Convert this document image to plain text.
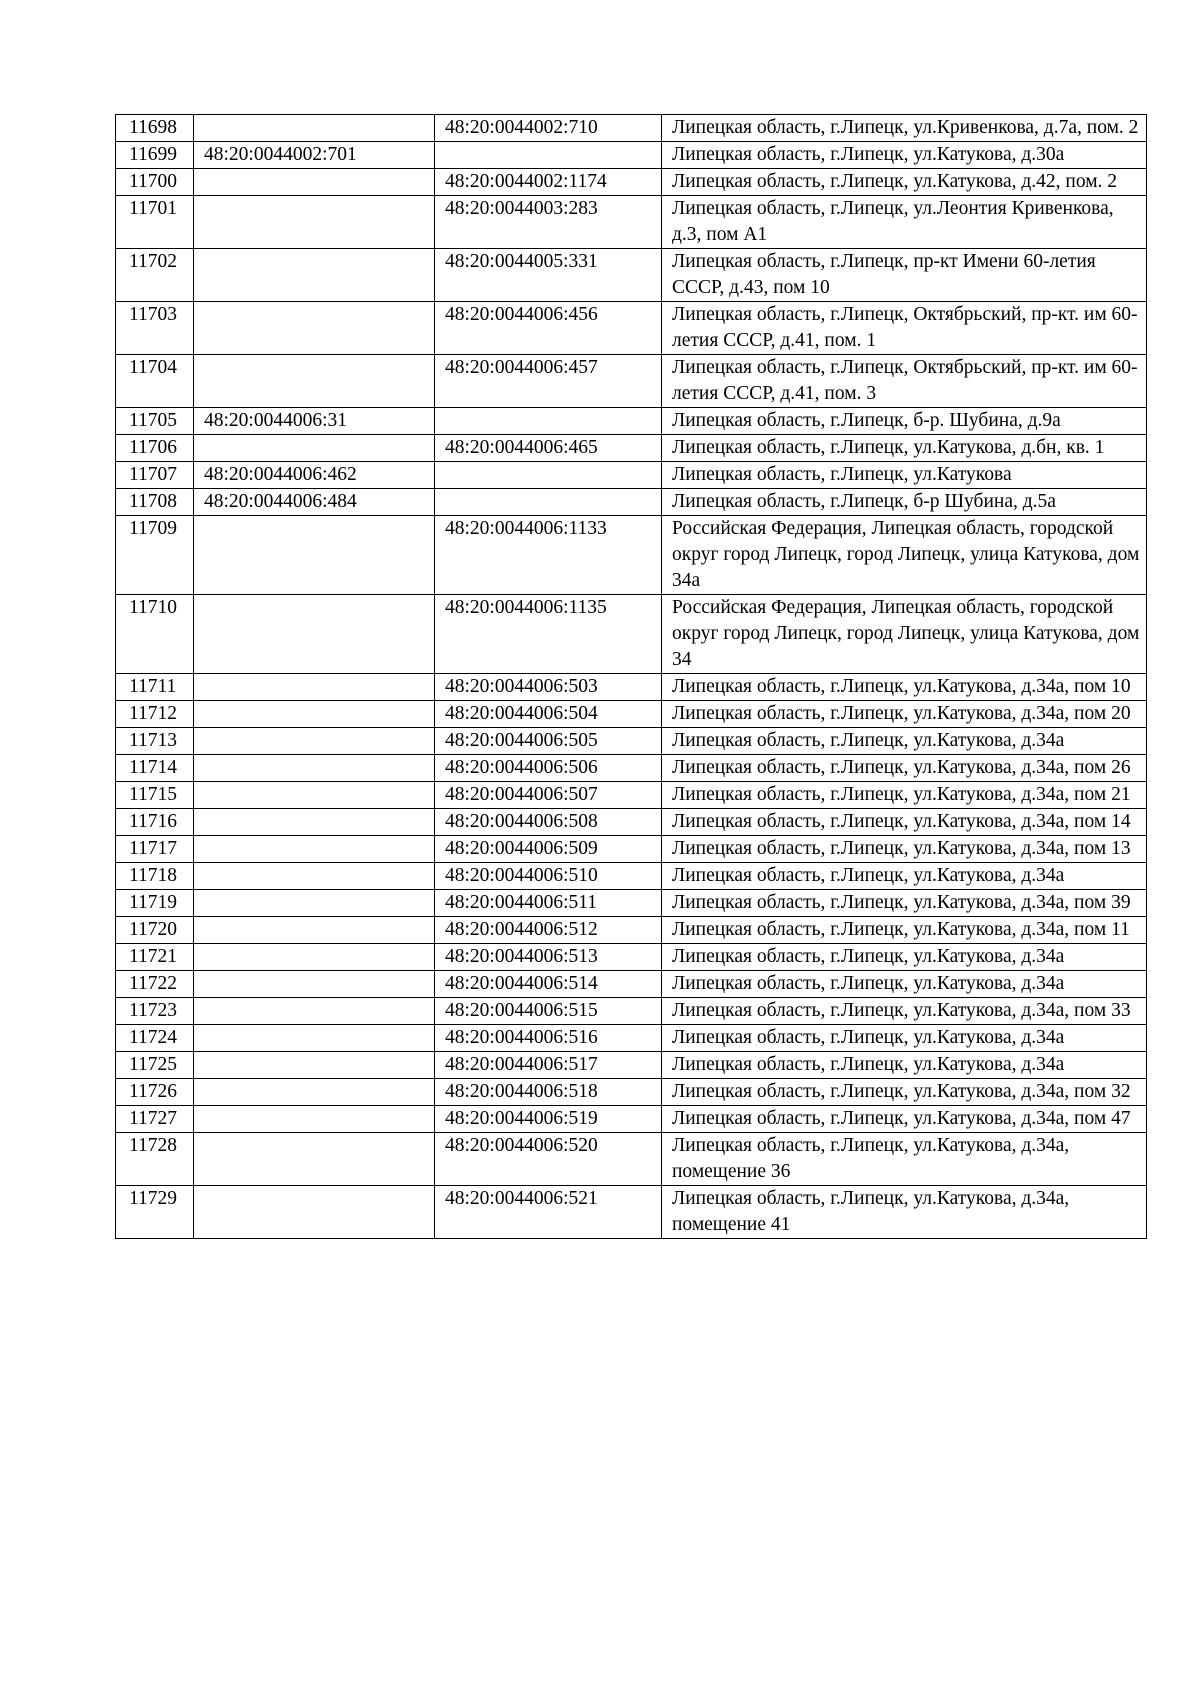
11698		48:20:0044002:710	Липецкая область, г.Липецк, ул.Кривенкова, д.7а, пом. 2
11699	48:20:0044002:701		Липецкая область, г.Липецк, ул.Катукова, д.30а
11700		48:20:0044002:1174	Липецкая область, г.Липецк, ул.Катукова, д.42, пом. 2
11701		48:20:0044003:283	Липецкая область, г.Липецк, ул.Леонтия Кривенкова, д.3, пом А1
11702		48:20:0044005:331	Липецкая область, г.Липецк, пр-кт Имени 60-летия СССР, д.43, пом 10
11703		48:20:0044006:456	Липецкая область, г.Липецк, Октябрьский, пр-кт. им 60-летия СССР, д.41, пом. 1
11704		48:20:0044006:457	Липецкая область, г.Липецк, Октябрьский, пр-кт. им 60-летия СССР, д.41, пом. 3
11705	48:20:0044006:31		Липецкая область, г.Липецк, б-р. Шубина, д.9а
11706		48:20:0044006:465	Липецкая область, г.Липецк, ул.Катукова, д.бн, кв. 1
11707	48:20:0044006:462		Липецкая область, г.Липецк, ул.Катукова
11708	48:20:0044006:484		Липецкая область, г.Липецк, б-р Шубина, д.5а
11709		48:20:0044006:1133	Российская Федерация, Липецкая область, городской округ город Липецк, город Липецк, улица Катукова, дом 34а
11710		48:20:0044006:1135	Российская Федерация, Липецкая область, городской округ город Липецк, город Липецк, улица Катукова, дом 34
11711		48:20:0044006:503	Липецкая область, г.Липецк, ул.Катукова, д.34а, пом 10
11712		48:20:0044006:504	Липецкая область, г.Липецк, ул.Катукова, д.34а, пом 20
11713		48:20:0044006:505	Липецкая область, г.Липецк, ул.Катукова, д.34а
11714		48:20:0044006:506	Липецкая область, г.Липецк, ул.Катукова, д.34а, пом 26
11715		48:20:0044006:507	Липецкая область, г.Липецк, ул.Катукова, д.34а, пом 21
11716		48:20:0044006:508	Липецкая область, г.Липецк, ул.Катукова, д.34а, пом 14
11717		48:20:0044006:509	Липецкая область, г.Липецк, ул.Катукова, д.34а, пом 13
11718		48:20:0044006:510	Липецкая область, г.Липецк, ул.Катукова, д.34а
11719		48:20:0044006:511	Липецкая область, г.Липецк, ул.Катукова, д.34а, пом 39
11720		48:20:0044006:512	Липецкая область, г.Липецк, ул.Катукова, д.34а, пом 11
11721		48:20:0044006:513	Липецкая область, г.Липецк, ул.Катукова, д.34а
11722		48:20:0044006:514	Липецкая область, г.Липецк, ул.Катукова, д.34а
11723		48:20:0044006:515	Липецкая область, г.Липецк, ул.Катукова, д.34а, пом 33
11724		48:20:0044006:516	Липецкая область, г.Липецк, ул.Катукова, д.34а
11725		48:20:0044006:517	Липецкая область, г.Липецк, ул.Катукова, д.34а
11726		48:20:0044006:518	Липецкая область, г.Липецк, ул.Катукова, д.34а, пом 32
11727		48:20:0044006:519	Липецкая область, г.Липецк, ул.Катукова, д.34а, пом 47
11728		48:20:0044006:520	Липецкая область, г.Липецк, ул.Катукова, д.34а, помещение 36
11729		48:20:0044006:521	Липецкая область, г.Липецк, ул.Катукова, д.34а, помещение 41
